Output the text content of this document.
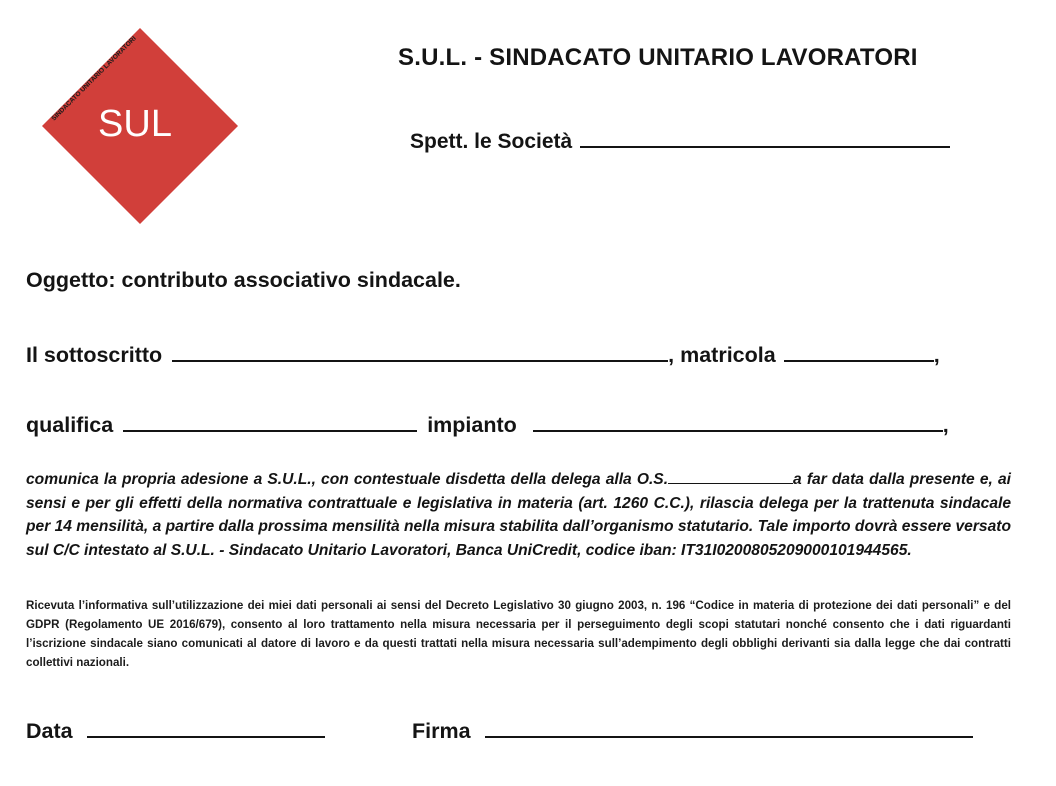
SINDACATO UNITARIO LAVORATORI
SUL
S.U.L. - SINDACATO UNITARIO LAVORATORI
Spett. le Società
Oggetto: contributo associativo sindacale.
Il sottoscritto	, matricola	,
qualifica	impianto	,
comunica la propria adesione a S.U.L., con contestuale disdetta della delega alla O.S.	a far data dalla presente e, ai sensi e per gli effetti della normativa contrattuale e legislativa in materia (art. 1260 C.C.), rilascia delega per la trattenuta sindacale per 14 mensilità, a partire dalla prossima mensilità nella misura stabilita dall’organismo statutario. Tale importo dovrà essere versato sul C/C intestato al S.U.L. - Sindacato Unitario Lavoratori, Banca UniCredit, codice iban: IT31I0200805209000101944565.
Ricevuta l’informativa sull’utilizzazione dei miei dati personali ai sensi del Decreto Legislativo 30 giugno 2003, n. 196 “Codice in materia di protezione dei dati personali” e del GDPR (Regolamento UE 2016/679), consento al loro trattamento nella misura necessaria per il perseguimento degli scopi statutari nonché consento che i dati riguardanti l’iscrizione sindacale siano comunicati al datore di lavoro e da questi trattati nella misura necessaria sull’adempimento degli obblighi derivanti sia dalla legge che dai contratti collettivi nazionali.
Data	Firma
